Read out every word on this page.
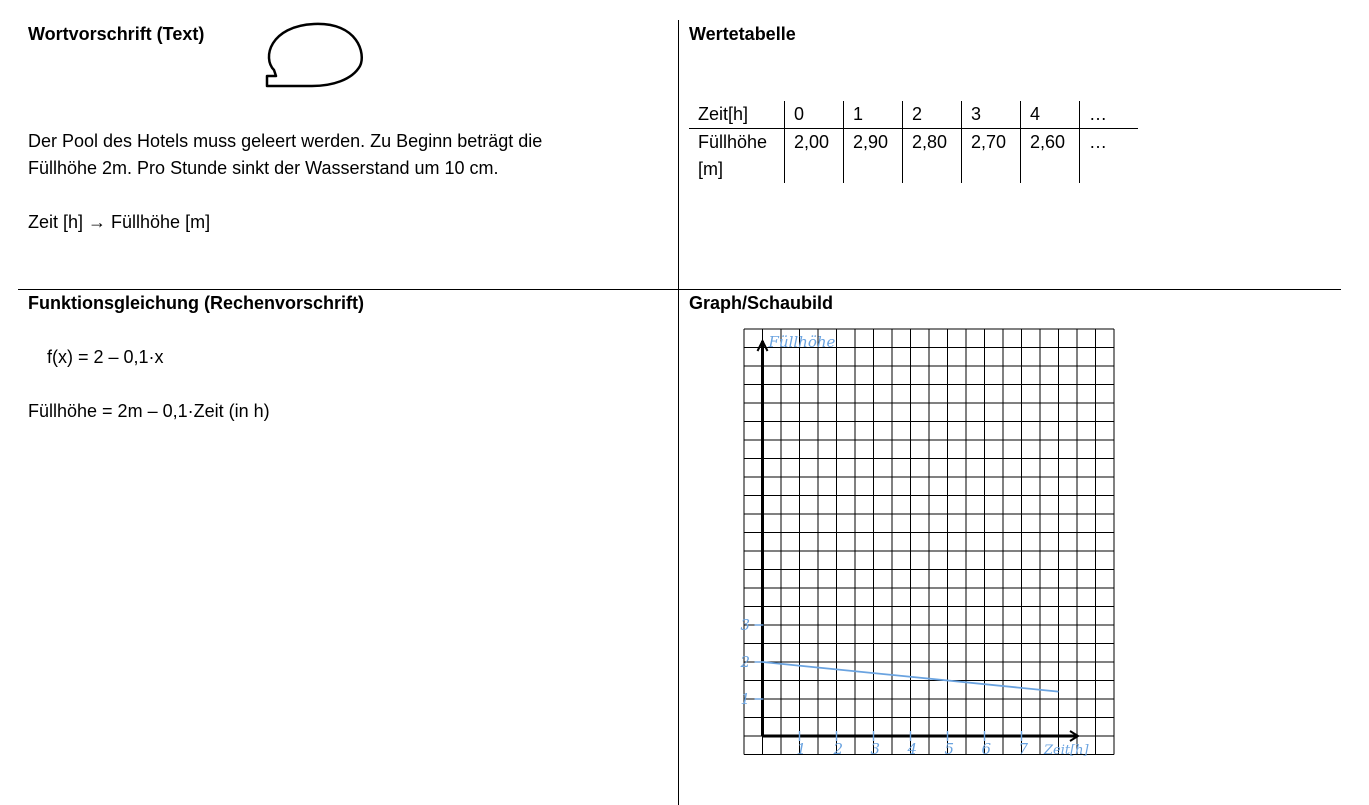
Wortvorschrift (Text)
Der Pool des Hotels muss geleert werden. Zu Beginn beträgt die
Füllhöhe 2m. Pro Stunde sinkt der Wasserstand um 10 cm.
Zeit [h] → Füllhöhe [m]
Wertetabelle
Zeit[h]	0	1	2	3	4	…
Füllhöhe
[m]	2,00	2,90	2,80	2,70	2,60	…
Funktionsgleichung (Rechenvorschrift)
f(x) = 2 – 0,1·x
Füllhöhe = 2m – 0,1·Zeit (in h)
Graph/Schaubild
1 2 3 4 5 6 7
1
2
3
Füllhöhe
Zeit[h]
